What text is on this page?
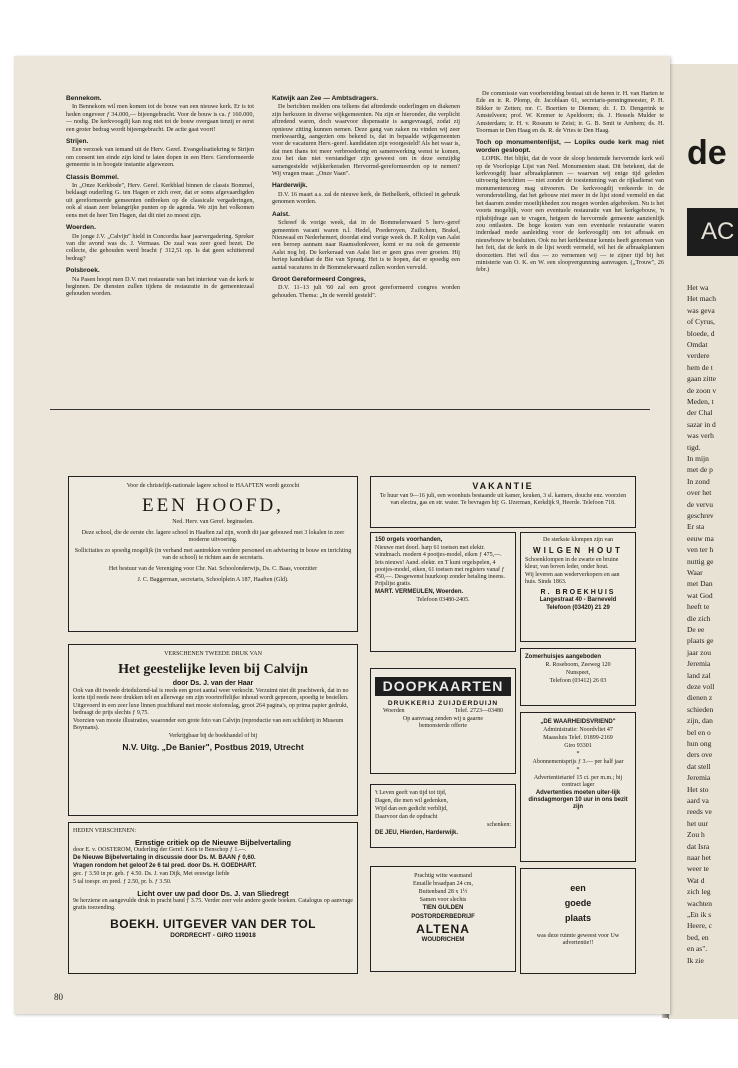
de
AC
Het wa
Het mach
was geva
of Cyrus,
bloede, d
Omdat
verdere
hem de t
gaan zitte
de zoon v
Meden, t
der Chal
sazar in d
was verh
tigd.
In mijn
met de p
In zond
over het
de vervu
geschrev
Er sta
eeuw ma
ven ter h
nuttig ge
Waar
met Dan
wat God
heeft te
die zich
De ee
plaats ge
jaar zou
Jeremia
land zal
deze voll
dienen z
schieden
zijn, dan
bel en o
hun ong
ders ove
dat stell
Jeremia
Het sto
aard va
reeds ve
het uur
Zou h
dat Isra
naar het
weer te
Wat d
zich leg
wachten
„En ik s
Heere, c
bed, en
en as".
Ik zie
Bennekom.

In Bennekom wil men komen tot de bouw van een nieuwe kerk. Er is tot heden ongeveer ƒ 34.000,— bijeengebracht. Voor de bouw is ca. ƒ 160.000,— nodig. De kerkvoogdij kan nog niet tot de bouw overgaan tenzij er eerst een groter bedrag wordt bijeengebracht. De actie gaat voort!

Strijen.

Een verzoek van iemand uit de Herv. Geref. Evangelisatiekring te Strijen om consent ten einde zijn kind te laten dopen in een Herv. Gereformeerde gemeente is in hoogste instantie afgewezen.

Classis Bommel.

In „Onze Kerkbode", Herv. Geref. Kerkblad binnen de classis Bommel, beklaagt ouderling G. ten Hagen er zich over, dat er soms afgevaardigden uit gereformeerde gemeenten ontbreken op de classicale vergaderingen, ook al staan zeer belangrijke punten op de agenda. We zijn het volkomen eens met de heer Ten Hagen, dat dit niet zo moest zijn.

Woerden.

De jonge J.V. „Calvijn" hield in Concordia haar jaarvergadering. Spreker van die avond was ds. J. Vermaas. De zaal was zeer goed bezet. De collecte, die gehouden werd bracht ƒ 312,51 op. Is dat geen schitterend bedrag?

Polsbroek.

Na Pasen hoopt men D.V. met restauratie van het interieur van de kerk te beginnen. De diensten zullen tijdens de restauratie in de gemeentezaal gehouden worden.

Katwijk aan Zee — Ambtsdragers.

De berichten melden ons telkens dat aftredende ouderlingen en diakenen zijn herkozen in diverse wijkgemeenten. Nu zijn er hieronder, die verplicht aftredend waren, doch waarvoor dispensatie is aangevraagd, zodat zij opnieuw zitting kunnen nemen. Deze gang van zaken nu vinden wij zeer merkwaardig, aangezien ons bekend is, dat in bepaalde wijkgemeenten voor de vacaturen Herv.-geref. kandidaten zijn voorgesteld! Als het waar is, dat men thans tot meer verbroedering en samenwerking wenst te komen, zou het dan niet verstandiger zijn geweest om in deze eenzijdig samengestelde wijkkerkeraden Hervormd-gereformeerden op te nemen? Wij vragen maar. „Onze Vaan".

Harderwijk.

D.V. 16 maart a.s. zal de nieuwe kerk, de Bethelkerk, officieel in gebruik genomen worden.

Aalst.

Schreef ik vorige week, dat in de Bommelerwaard 5 herv.-geref gemeenten vacant waren n.l. Hedel, Poederoyen, Zuilichem, Brakel, Nieuwaal en Nederhemert, doordat eind vorige week ds. P. Kolijn van Aalst een beroep aannam naar Raamsdonkveer, komt er nu ook de gemeente Aalst nog bij. De kerkeraad van Aalst liet er geen gras over groeien. Hij beriep kandidaat de Bie van Sprang. Het is te hopen, dat er spoedig een aantal vacatures in de Bommelerwaard zullen worden vervuld.

Groot Gereformeerd Congres,

D.V. 11–13 juli '60 zal een groot gereformeerd congres worden gehouden. Thema: „In de wereld gesteld".

De commissie van voorbereiding bestaat uit de heren ir. H. van Harten te Ede en ir. R. Plomp, dr. Jacoblaan 61, secretaris-penningmeester, P. H. Bikker te Zetten; mr. C. Boertien te Diemen; dr. J. D. Dengerink te Amstelveen; prof. W. Kremer te Apeldoorn; ds. J. Hessels Mulder te Amsterdam; ir. H. v. Rossum te Zeist; ir. G. B. Smit te Arnhem; ds. H. Toorman te Den Haag en ds. R. de Vries te Den Haag.

Toch op monumentenlijst, — Lopiks oude kerk mag niet worden gesloopt.

LOPIK. Het blijkt, dat de voor de sloop bestemde hervormde kerk wél op de Voorlopige Lijst van Ned. Monumenten staat. Dit betekent, dat de kerkvoogdij haar afbraakplannen — waarvan wij enige tijd geleden uitvoerig berichtten — niet zonder de toestemming van de rijksdienst van monumentenzorg mag uitvoeren. De kerkvoogdij verkeerde in de veronderstelling, dat het gebouw niet meer in de lijst stond vermeld en dat het daarom zonder moeilijkheden zou mogen worden afgebroken. Nu is het voorts mogelijk, voor een eventuele restauratie van het kerkgebouw, 'n rijksbijdrage aan te vragen, hetgeen de hervormde gemeente aanzienlijk zou ontlasten. De hoge kosten van een eventuele restauratie waren inderdaad mede aanleiding voor de kerkvoogdij om tot afbraak en nieuwbouw te besluiten. Ook nu het kerkbestuur kennis heeft genomen van het feit, dat de kerk in de lijst wordt vermeld, wil het de afbraakplannen doorzetten. Het wil dus — zo vernemen wij — te zijner tijd bij het ministerie van O. K. en W. een sloopvergunning aanvragen. („Trouw", 26 febr.)

Voor de christelijk-nationale lagere school te HAAFTEN wordt gezocht

EEN HOOFD,

Ned. Herv. van Geref. beginselen.

Deze school, die de eerste chr. lagere school in Haaften zal zijn, wordt dit jaar gebouwd met 3 lokalen in zeer moderne uitvoering.

Sollicitaties zo spoedig mogelijk (in verband met aantrekken verdere personeel en advisering in bouw en inrichting van de school) te richten aan de secretaris.

Het bestuur van de Vereniging voor Chr. Nat. Schoolonderwijs, Ds. C. Baas, voorzitter

J. C. Baggerman, secretaris, Schoolplein A 187, Haaften (Gld).

VERSCHENEN TWEEDE DRUK VAN

Het geestelijke leven bij Calvijn

door Ds. J. van der Haar

Ook van dit tweede driedulzend-tal is reeds een groot aantal weer verkocht. Verzuimt niet dit prachtwerk, dat in no korte tijd reeds twee drukken telt en allerwege om zijn voortreffelijke inhoud wordt geprezen, spoedig te bestellen.

Uitgevoerd in een zeer luxe linnen prachtband met mooie stofomslag, groot 264 pagina's, op prima papier gedrukt, bedraagt de prijs slechts ƒ 9,75.

Voorzien van mooie illustraties, waaronder een grote foto van Calvijn (reproductie van een schilderij in Museum Boymans).

Verkrijgbaar bij de boekhandel of bij

N.V. Uitg. „De Banier", Postbus 2019, Utrecht

HEDEN VERSCHENEN:

Ernstige critiek op de Nieuwe Bijbelvertaling

door E. v. OOSTEROM, Ouderling der Geref. Kerk te Benschop ƒ 1.—.

De Nieuwe Bijbelvertaling in discussie door Ds. M. BAAN ƒ 0,60.

Vragen rondom het geloof 2e 6 tal pred. door Ds. H. GOEDHART.

gec. ƒ 3.50 in pr. geb. ƒ 4.50. Ds. J. van Dijk, Met eeuwige liefde

5 tal toespr. en pred. ƒ 2.50, pr. b. ƒ 3.50.

Licht over uw pad door Ds. J. van Sliedregt

9e herziene en aangevulde druk in pracht band ƒ 3.75. Verder zeer vele andere goede boeken. Catalogus op aanvrage gratis toezending.

BOEKH. UITGEVER VAN DER TOL

DORDRECHT - GIRO 119018

VAKANTIE

Te huur van 9—16 juli, een woonhuis bestaande uit kamer, keuken, 3 sl. kamers, douche enz. voorzien van electra, gas en str. water. Te bevragen bij: G. IJzerman, Kerkdijk 9, Heerde. Telefoon 718.

150 orgels voorhanden,

Nieuwe met doorl. harp 61 toetsen met elektr. windmach. modern 4 pootjes-model, eiken ƒ 475,—.

Iets nieuws! Aand. elektr. en T kunt orgelspelen, 4 pootjes-model, eiken, 61 toetsen met registers vanaf ƒ 450,—. Desgewenst huurkoop zonder betaling ineens. Prijslijst gratis.

MART. VERMEULEN, Woerden.

Telefoon 03480-2405.

De sterkste klompen zijn van

WILGEN HOUT

Schoenklompen in de zwarte en bruine kleur, van boven leder, onder hout.

Wij leveren aan wederverkopers en aan huis. Sinds 1863.

R. BROEKHUIS

Langestraat 40 - Barneveld

Telefoon (03420) 21 29

Zomerhuisjes aangeboden

R. Roseboom, Zeeweg 120

Nunspeet,

Telefoon (03412) 26 03

DOOPKAARTEN

DRUKKERIJ ZUIJDERDUIJN

Woerden	Telef. 2723—03480

Op aanvraag zenden wij u gaarne bemonsterde offerte

't Leven geeft van tijd tot tijd,

Dagen, die men wil gedenken,

Wijd dan een gedicht verblijd,

Daarvoor dan de opdracht

schenken:

DE JEU, Hierden, Harderwijk.

„DE WAARHEIDSVRIEND"

Administratie: Noordvliet 47

Maassluis Telef. 01899-2169

Giro 93301

*

Abonnementsprijs ƒ 3.— per half jaar

*

Advertentietarief 15 ct. per m.m.; bij contract lager

Advertenties moeten uiter-lijk dinsdagmorgen 10 uur in ons bezit zijn

Prachtig witte wasmand

Emaille braadpan 24 cm,

Buitenband 28 x 1½

Samen voor slechts

TIEN GULDEN

POSTORDERBEDRIJF

ALTENA

WOUDRICHEM

een

goede

plaats

was deze ruimte geweest voor Uw advertentie!!

80
